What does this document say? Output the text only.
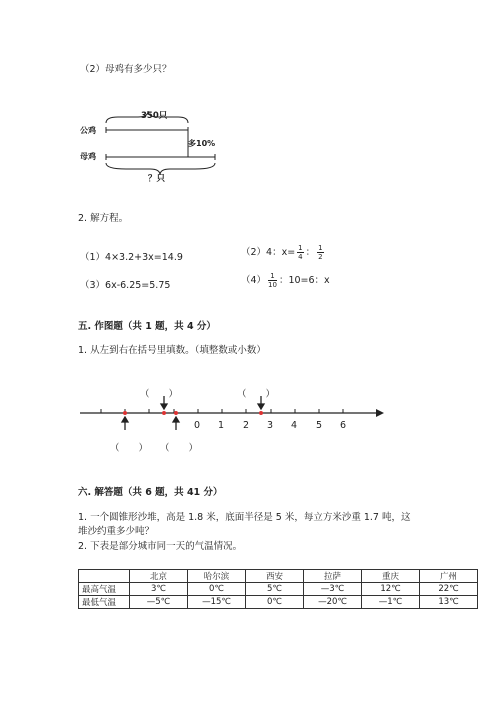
（2）母鸡有多少只？
350只
公鸡
母鸡
多10%
？只
2. 解方程。
（1）4×3.2+3x=14.9	（2）4：$x= \frac{1}{4}$ ： $\frac{1}{2}$
（3）6x-6.25=5.75	$(4) \frac{1}{10}$ ：10=6：x
五. 作图题（共 1 题，共 4 分）
1. 从左到右在括号里填数。（填整数或小数）
0 1 2 3 4 5 6
（　　）	（　　）
（　　） （　　）
六. 解答题（共 6 题，共 41 分）
1. 一个圆锥形沙堆，高是 1.8 米，底面半径是 5 米，每立方米沙重 1.7 吨，这
堆沙约重多少吨？
2. 下表是部分城市同一天的气温情况。
	北京	哈尔滨	西安	拉萨	重庆	广州
最高气温	3℃	0℃	5℃	—3℃	12℃	22℃
最低气温	—5℃	—15℃	0℃	—20℃	—1℃	13℃
